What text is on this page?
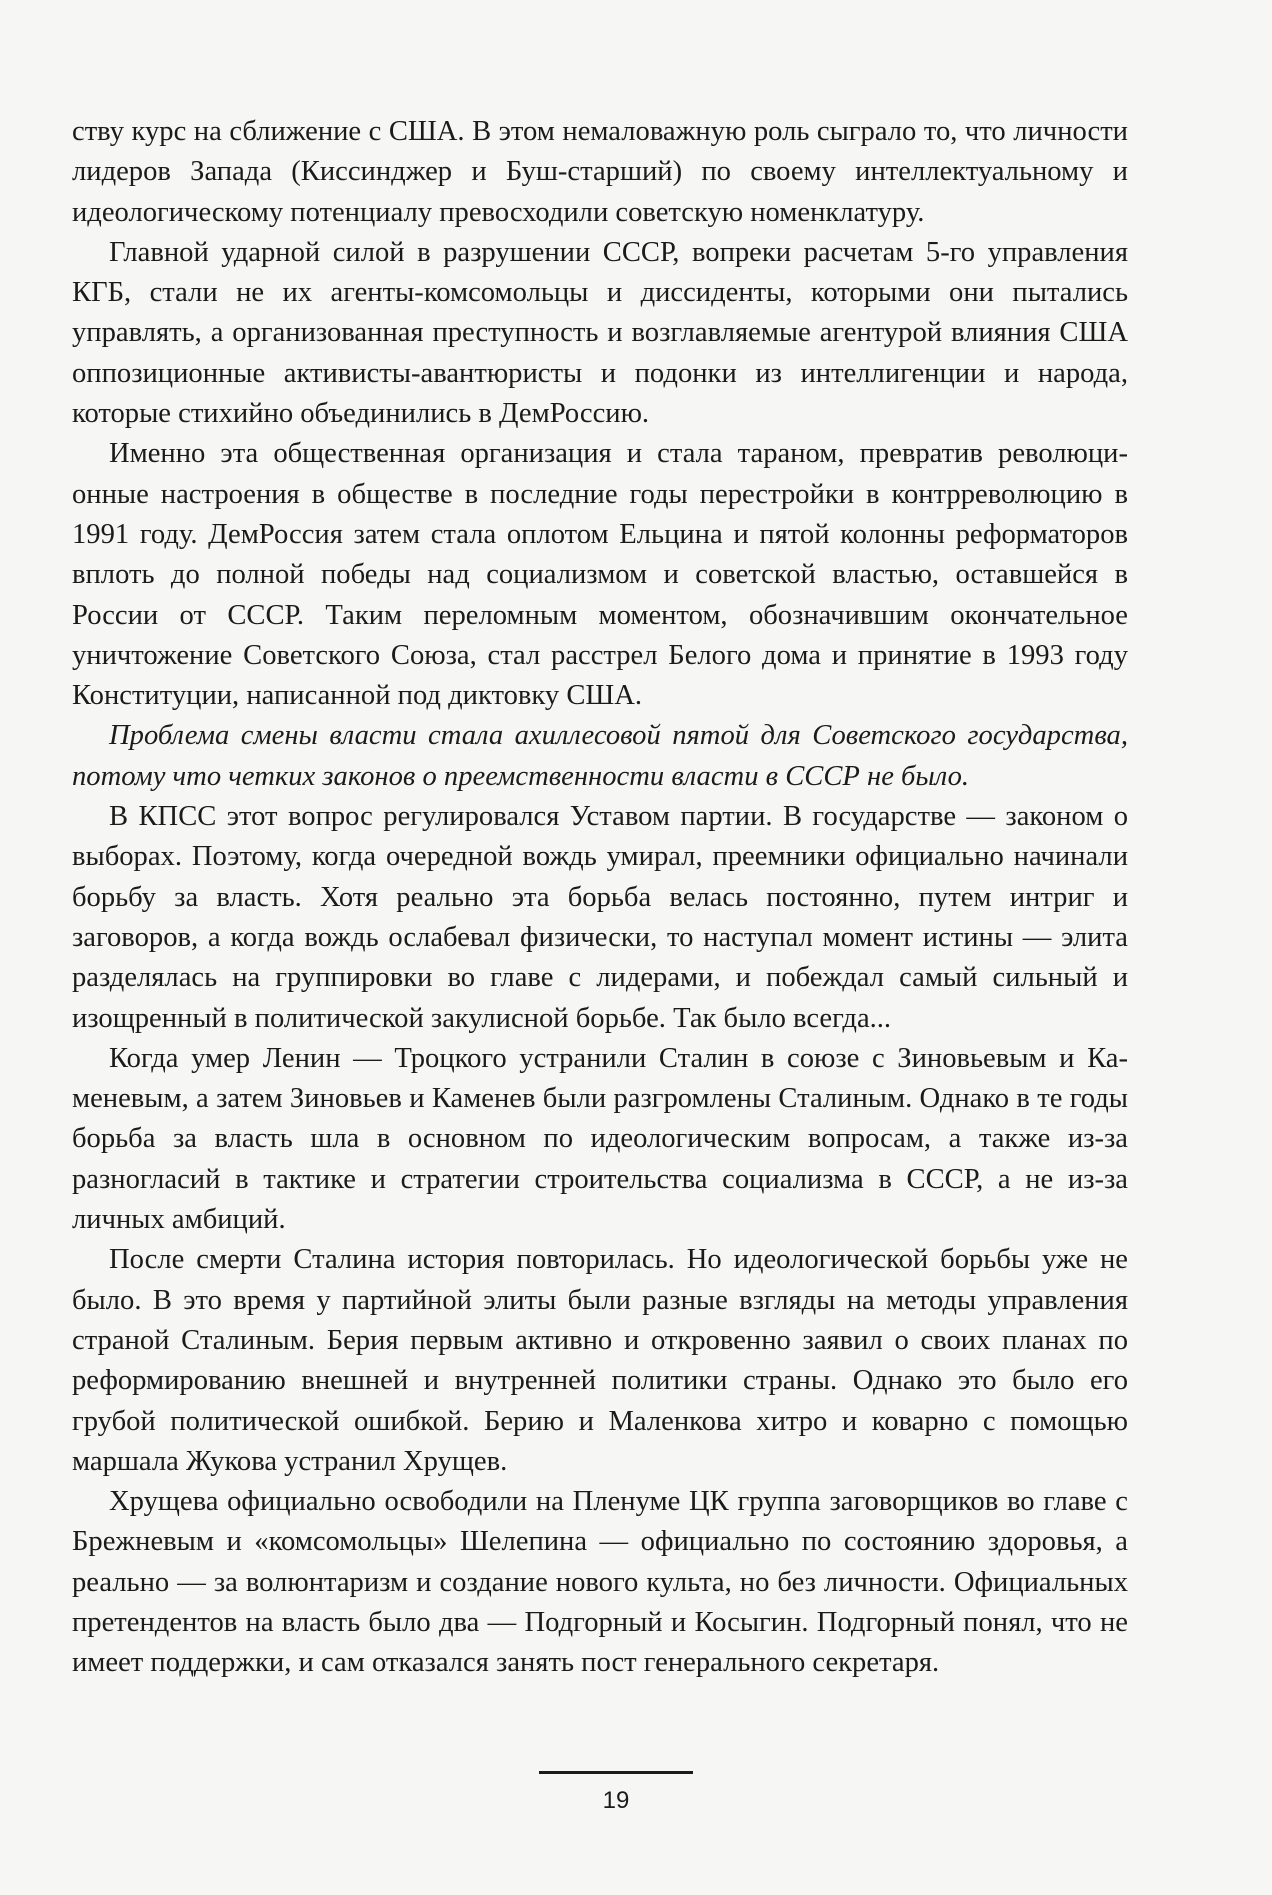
ству курс на сближение с США. В этом немаловажную роль сыграло то, что личности лидеров Запада (Киссинджер и Буш-старший) по своему интеллектуальному и идеологическому потенциалу превосходили советскую номенклатуру.

Главной ударной силой в разрушении СССР, вопреки расчетам 5-го управления КГБ, стали не их агенты-комсомольцы и диссиденты, которыми они пытались управлять, а организованная преступность и возглавляемые агентурой влияния США оппозиционные активисты-авантюристы и подонки из интеллигенции и народа, которые стихийно объединились в ДемРоссию.

Именно эта общественная организация и стала тараном, превратив революционные настроения в обществе в последние годы перестройки в контрреволюцию в 1991 году. ДемРоссия затем стала оплотом Ельцина и пятой колонны реформаторов вплоть до полной победы над социализмом и советской властью, оставшейся в России от СССР. Таким переломным моментом, обозначившим окончательное уничтожение Советского Союза, стал расстрел Белого дома и принятие в 1993 году Конституции, написанной под диктовку США.

Проблема смены власти стала ахиллесовой пятой для Советского государства, потому что четких законов о преемственности власти в СССР не было.

В КПСС этот вопрос регулировался Уставом партии. В государстве — законом о выборах. Поэтому, когда очередной вождь умирал, преемники официально начинали борьбу за власть. Хотя реально эта борьба велась постоянно, путем интриг и заговоров, а когда вождь ослабевал физически, то наступал момент истины — элита разделялась на группировки во главе с лидерами, и побеждал самый сильный и изощренный в политической закулисной борьбе. Так было всегда...

Когда умер Ленин — Троцкого устранили Сталин в союзе с Зиновьевым и Каменевым, а затем Зиновьев и Каменев были разгромлены Сталиным. Однако в те годы борьба за власть шла в основном по идеологическим вопросам, а также из-за разногласий в тактике и стратегии строительства социализма в СССР, а не из-за личных амбиций.

После смерти Сталина история повторилась. Но идеологической борьбы уже не было. В это время у партийной элиты были разные взгляды на методы управления страной Сталиным. Берия первым активно и откровенно заявил о своих планах по реформированию внешней и внутренней политики страны. Однако это было его грубой политической ошибкой. Берию и Маленкова хитро и коварно с помощью маршала Жукова устранил Хрущев.

Хрущева официально освободили на Пленуме ЦК группа заговорщиков во главе с Брежневым и «комсомольцы» Шелепина — официально по состоянию здоровья, а реально — за волюнтаризм и создание нового культа, но без личности. Официальных претендентов на власть было два — Подгорный и Косыгин. Подгорный понял, что не имеет поддержки, и сам отказался занять пост генерального секретаря.

19
